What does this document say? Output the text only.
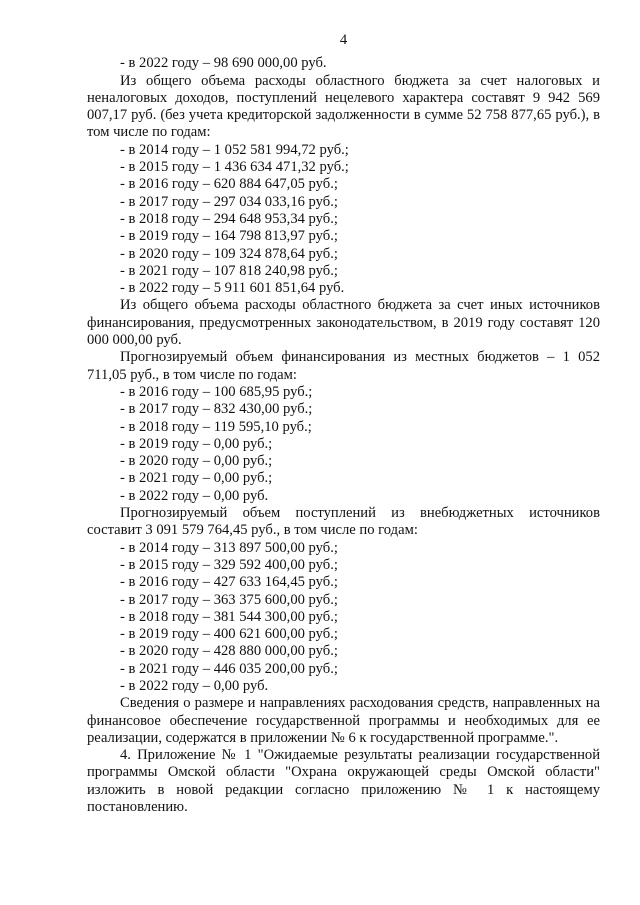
4

- в 2022 году – 98 690 000,00 руб.

Из общего объема расходы областного бюджета за счет налоговых и неналоговых доходов, поступлений нецелевого характера составят 9 942 569 007,17 руб. (без учета кредиторской задолженности в сумме 52 758 877,65 руб.), в том числе по годам:

- в 2014 году – 1 052 581 994,72 руб.;

- в 2015 году – 1 436 634 471,32 руб.;

- в 2016 году – 620 884 647,05 руб.;

- в 2017 году – 297 034 033,16 руб.;

- в 2018 году – 294 648 953,34 руб.;

- в 2019 году – 164 798 813,97 руб.;

- в 2020 году – 109 324 878,64 руб.;

- в 2021 году – 107 818 240,98 руб.;

- в 2022 году – 5 911 601 851,64 руб.

Из общего объема расходы областного бюджета за счет иных источников финансирования, предусмотренных законодательством, в 2019 году составят 120 000 000,00 руб.

Прогнозируемый объем финансирования из местных бюджетов – 1 052 711,05 руб., в том числе по годам:

- в 2016 году – 100 685,95 руб.;

- в 2017 году – 832 430,00 руб.;

- в 2018 году – 119 595,10 руб.;

- в 2019 году – 0,00 руб.;

- в 2020 году – 0,00 руб.;

- в 2021 году – 0,00 руб.;

- в 2022 году – 0,00 руб.

Прогнозируемый объем поступлений из внебюджетных источников составит 3 091 579 764,45 руб., в том числе по годам:

- в 2014 году – 313 897 500,00 руб.;

- в 2015 году – 329 592 400,00 руб.;

- в 2016 году – 427 633 164,45 руб.;

- в 2017 году – 363 375 600,00 руб.;

- в 2018 году – 381 544 300,00 руб.;

- в 2019 году – 400 621 600,00 руб.;

- в 2020 году – 428 880 000,00 руб.;

- в 2021 году – 446 035 200,00 руб.;

- в 2022 году – 0,00 руб.

Сведения о размере и направлениях расходования средств, направленных на финансовое обеспечение государственной программы и необходимых для ее реализации, содержатся в приложении № 6 к государственной программе.".

4. Приложение № 1 "Ожидаемые результаты реализации государственной программы Омской области "Охрана окружающей среды Омской области" изложить в новой редакции согласно приложению № 1 к настоящему постановлению.
